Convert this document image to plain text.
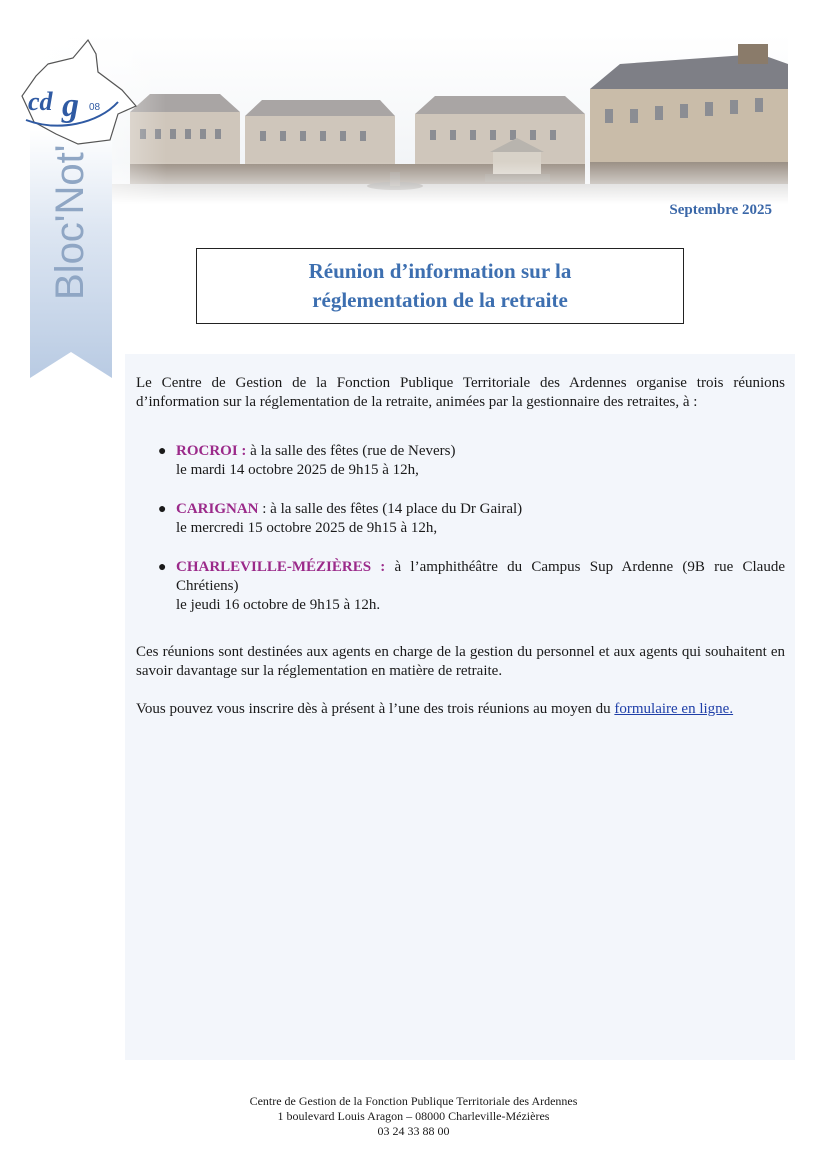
Bloc'Not'
cd g 08
Septembre 2025
Réunion d’information sur la
réglementation de la retraite

Le Centre de Gestion de la Fonction Publique Territoriale des Ardennes organise trois réunions d’information sur la réglementation de la retraite, animées par la gestionnaire des retraites, à :

● ROCROI : à la salle des fêtes (rue de Nevers)

le mardi 14 octobre 2025 de 9h15 à 12h,

● CARIGNAN : à la salle des fêtes (14 place du Dr Gairal)

le mercredi 15 octobre 2025 de 9h15 à 12h,

● CHARLEVILLE-MÉZIÈRES : à l’amphithéâtre du Campus Sup Ardenne (9B rue Claude Chrétiens)

le jeudi 16 octobre de 9h15 à 12h.

Ces réunions sont destinées aux agents en charge de la gestion du personnel et aux agents qui souhaitent en savoir davantage sur la réglementation en matière de retraite.

Vous pouvez vous inscrire dès à présent à l’une des trois réunions au moyen du formulaire en ligne.

Centre de Gestion de la Fonction Publique Territoriale des Ardennes
1 boulevard Louis Aragon – 08000 Charleville-Mézières
03 24 33 88 00
